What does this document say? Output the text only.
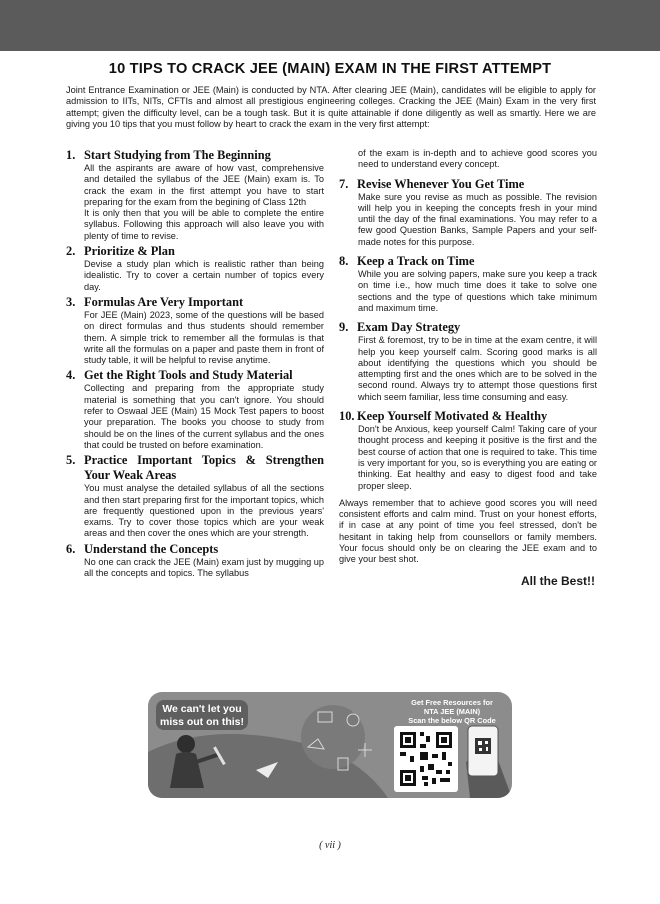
10 TIPS TO CRACK JEE (MAIN) EXAM IN THE FIRST ATTEMPT
Joint Entrance Examination or JEE (Main) is conducted by NTA. After clearing JEE (Main), candidates will be eligible to apply for admission to IITs, NITs, CFTIs and almost all prestigious engineering colleges. Cracking the JEE (Main) Exam in the very first attempt; given the difficulty level, can be a tough task. But it is quite attainable if done diligently as well as smartly. Here we are giving you 10 tips that you must follow by heart to crack the exam in the very first attempt:
1. Start Studying from The Beginning

All the aspirants are aware of how vast, comprehensive and detailed the syllabus of the JEE (Main) exam is. To crack the exam in the first attempt you have to start preparing for the exam from the begining of Class 12th

It is only then that you will be able to complete the entire syllabus. Following this approach will also leave you with plenty of time to revise.

2. Prioritize & Plan

Devise a study plan which is realistic rather than being idealistic. Try to cover a certain number of topics every day.

3. Formulas Are Very Important

For JEE (Main) 2023, some of the questions will be based on direct formulas and thus students should remember them. A simple trick to remember all the formulas is that write all the formulas on a paper and paste them in front of study table, it will be helpful to revise anytime.

4. Get the Right Tools and Study Material

Collecting and preparing from the appropriate study material is something that you can't ignore. You should refer to Oswaal JEE (Main) 15 Mock Test papers to boost your preparation. The books you choose to study from should be on the lines of the current syllabus and the ones that could be trusted on before examination.

5. Practice Important Topics & Strengthen Your Weak Areas

You must analyse the detailed syllabus of all the sections and then start preparing first for the important topics, which are frequently questioned upon in the previous years' exams. Try to cover those topics which are your weak areas and then cover the ones which are your strength.

6. Understand the Concepts

No one can crack the JEE (Main) exam just by mugging up all the concepts and topics. The syllabus

of the exam is in-depth and to achieve good scores you need to understand every concept.
7. Revise Whenever You Get Time

Make sure you revise as much as possible. The revision will help you in keeping the concepts fresh in your mind until the day of the final examinations. You may refer to a few good Question Banks, Sample Papers and your self-made notes for this purpose.

8. Keep a Track on Time

While you are solving papers, make sure you keep a track on time i.e., how much time does it take to solve one sections and the type of questions which take minimum and maximum time.

9. Exam Day Strategy

First & foremost, try to be in time at the exam centre, it will help you keep yourself calm. Scoring good marks is all about identifying the questions which you should be attempting first and the ones which are to be solved in the second round. Always try to attempt those questions first which seem familiar, less time consuming and easy.

10. Keep Yourself Motivated & Healthy

Don't be Anxious, keep yourself Calm! Taking care of your thought process and keeping it positive is the first and the best course of action that one is required to take. This time is very important for you, so is everything you are eating or thinking. Eat healthy and easy to digest food and take proper sleep.

Always remember that to achieve good scores you will need consistent efforts and calm mind. Trust on your honest efforts, if in case at any point of time you feel stressed, don't be hesitant in taking help from counsellors or family members. Your focus should only be on clearing the JEE exam and to give your best shot.
All the Best!!
We can't let you miss out on this!
Get Free Resources for
NTA JEE (MAIN)
Scan the below QR Code
( vii )
